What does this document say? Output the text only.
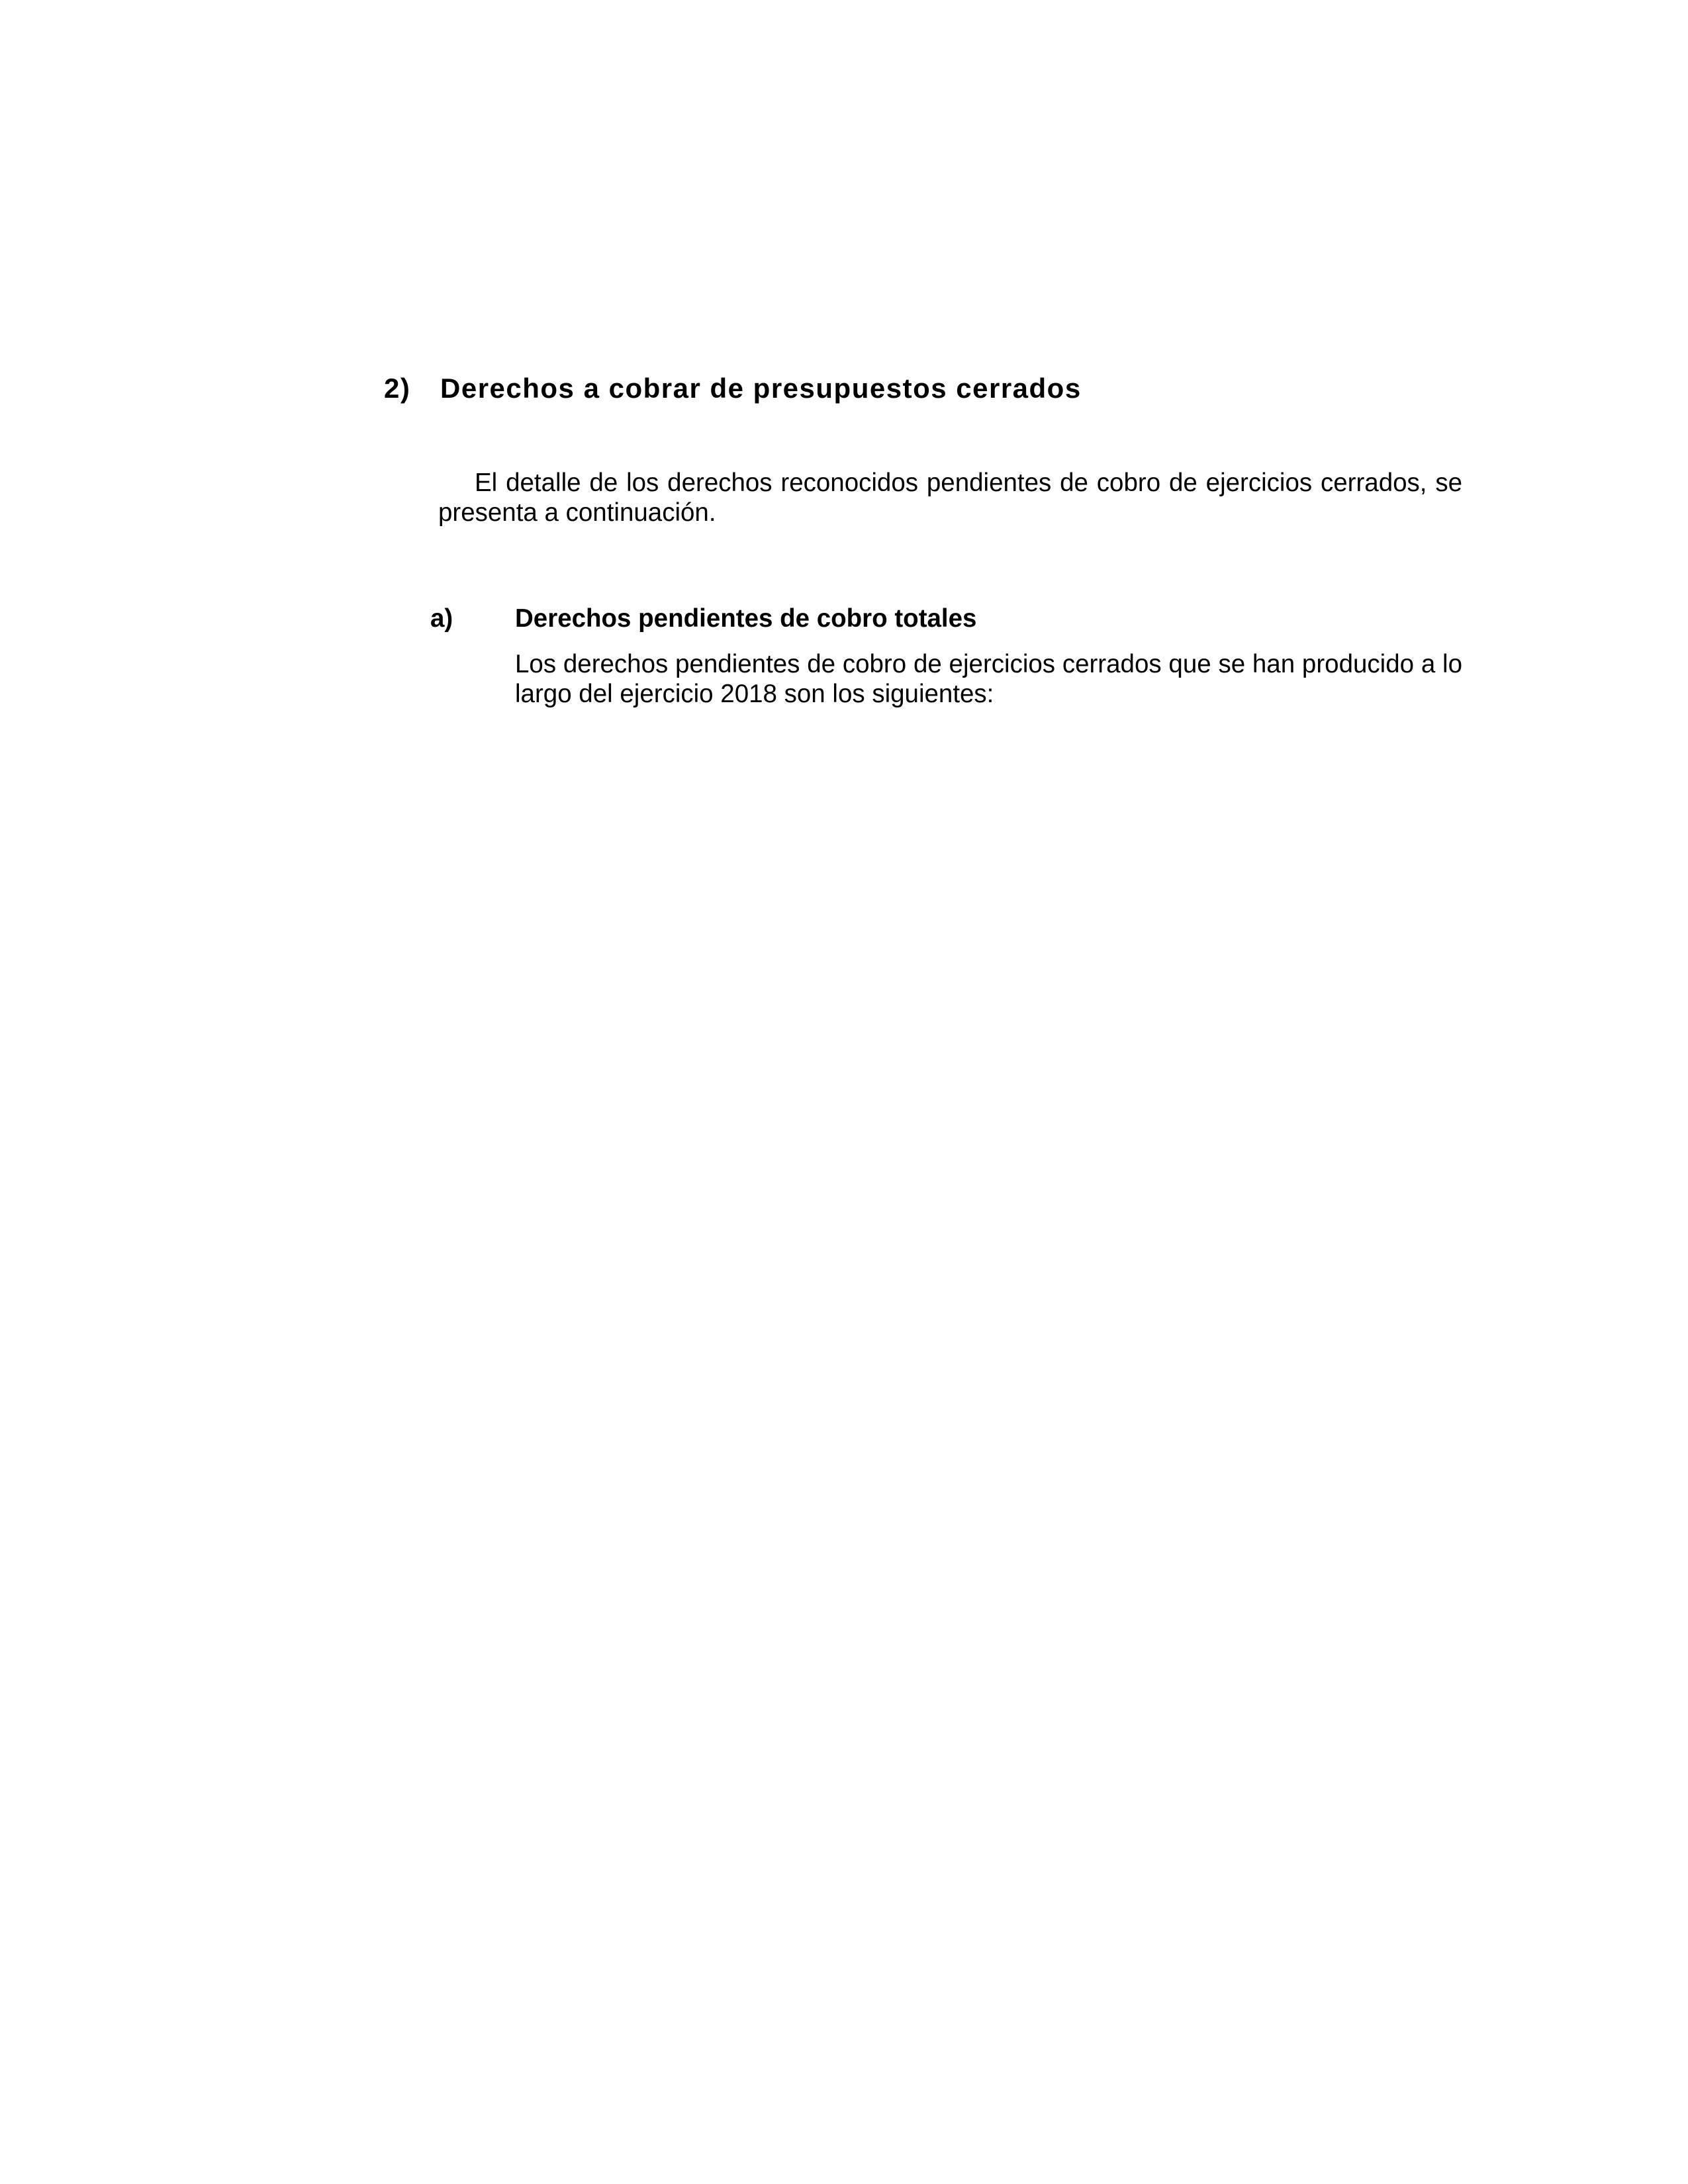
2) Derechos a cobrar de presupuestos cerrados

El detalle de los derechos reconocidos pendientes de cobro de ejercicios cerrados, se presenta a continuación.

a) Derechos pendientes de cobro totales

Los derechos pendientes de cobro de ejercicios cerrados que se han producido a lo largo del ejercicio 2018 son los siguientes:
